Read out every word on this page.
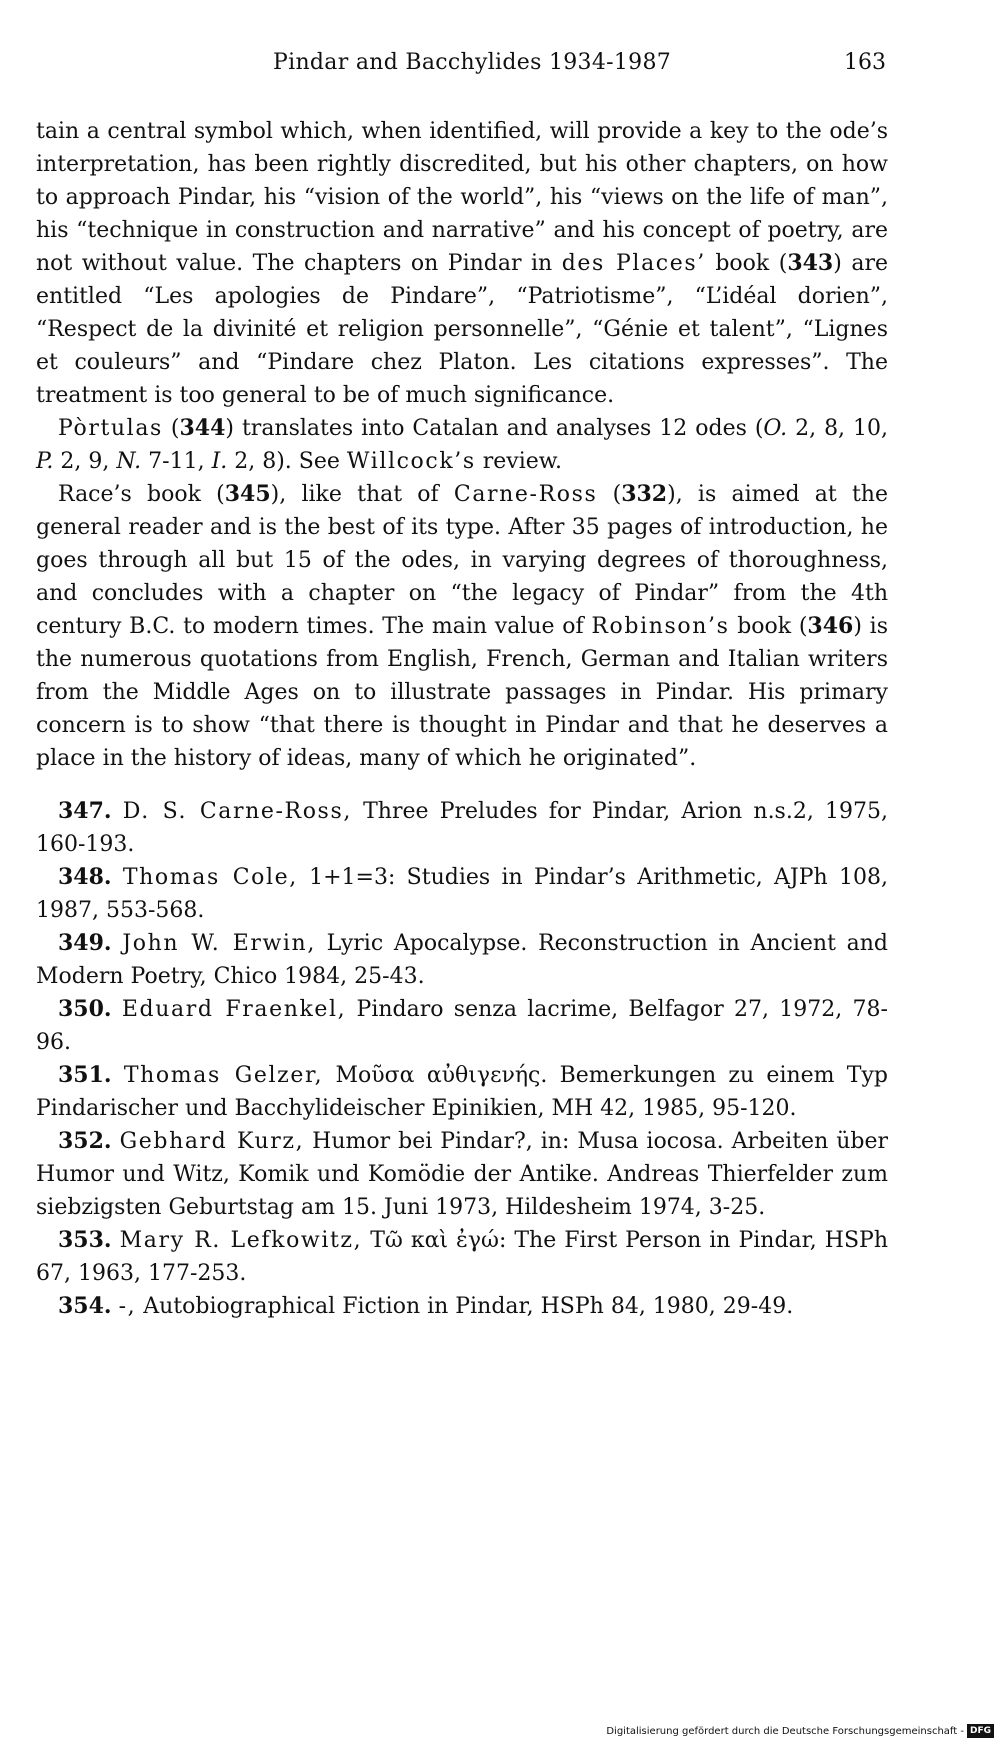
Pindar and Bacchylides 1934-1987	163

tain a central symbol which, when identified, will provide a key to the ode’s interpretation, has been rightly discredited, but his other chapters, on how to approach Pindar, his “vision of the world”, his “views on the life of man”, his “technique in construction and narrative” and his concept of poetry, are not without value. The chapters on Pindar in des Places’ book (343) are entitled “Les apologies de Pindare”, “Patriotisme”, “L’idéal dorien”, “Respect de la divinité et religion personnelle”, “Génie et talent”, “Lignes et couleurs” and “Pindare chez Platon. Les citations expresses”. The treatment is too general to be of much significance.

Pòrtulas (344) translates into Catalan and analyses 12 odes (O. 2, 8, 10, P. 2, 9, N. 7-11, I. 2, 8). See Willcock’s review.

Race’s book (345), like that of Carne-Ross (332), is aimed at the general reader and is the best of its type. After 35 pages of introduction, he goes through all but 15 of the odes, in varying degrees of thoroughness, and concludes with a chapter on “the legacy of Pindar” from the 4th century B.C. to modern times. The main value of Robinson’s book (346) is the numerous quotations from English, French, German and Italian writers from the Middle Ages on to illustrate passages in Pindar. His primary concern is to show “that there is thought in Pindar and that he deserves a place in the history of ideas, many of which he originated”.

347. D. S. Carne-Ross, Three Preludes for Pindar, Arion n.s.2, 1975, 160-193.

348. Thomas Cole, 1+1=3: Studies in Pindar’s Arithmetic, AJPh 108, 1987, 553-568.

349. John W. Erwin, Lyric Apocalypse. Reconstruction in Ancient and Modern Poetry, Chico 1984, 25-43.

350. Eduard Fraenkel, Pindaro senza lacrime, Belfagor 27, 1972, 78-96.

351. Thomas Gelzer, Μοῦσα αὐθιγενής. Bemerkungen zu einem Typ Pindarischer und Bacchylideischer Epinikien, MH 42, 1985, 95-120.

352. Gebhard Kurz, Humor bei Pindar?, in: Musa iocosa. Arbeiten über Humor und Witz, Komik und Komödie der Antike. Andreas Thierfelder zum siebzigsten Geburtstag am 15. Juni 1973, Hildesheim 1974, 3-25.

353. Mary R. Lefkowitz, Τῶ καὶ ἐγώ: The First Person in Pindar, HSPh 67, 1963, 177-253.

354. -, Autobiographical Fiction in Pindar, HSPh 84, 1980, 29-49.

Digitalisierung gefördert durch die Deutsche Forschungsgemeinschaft - DFG
